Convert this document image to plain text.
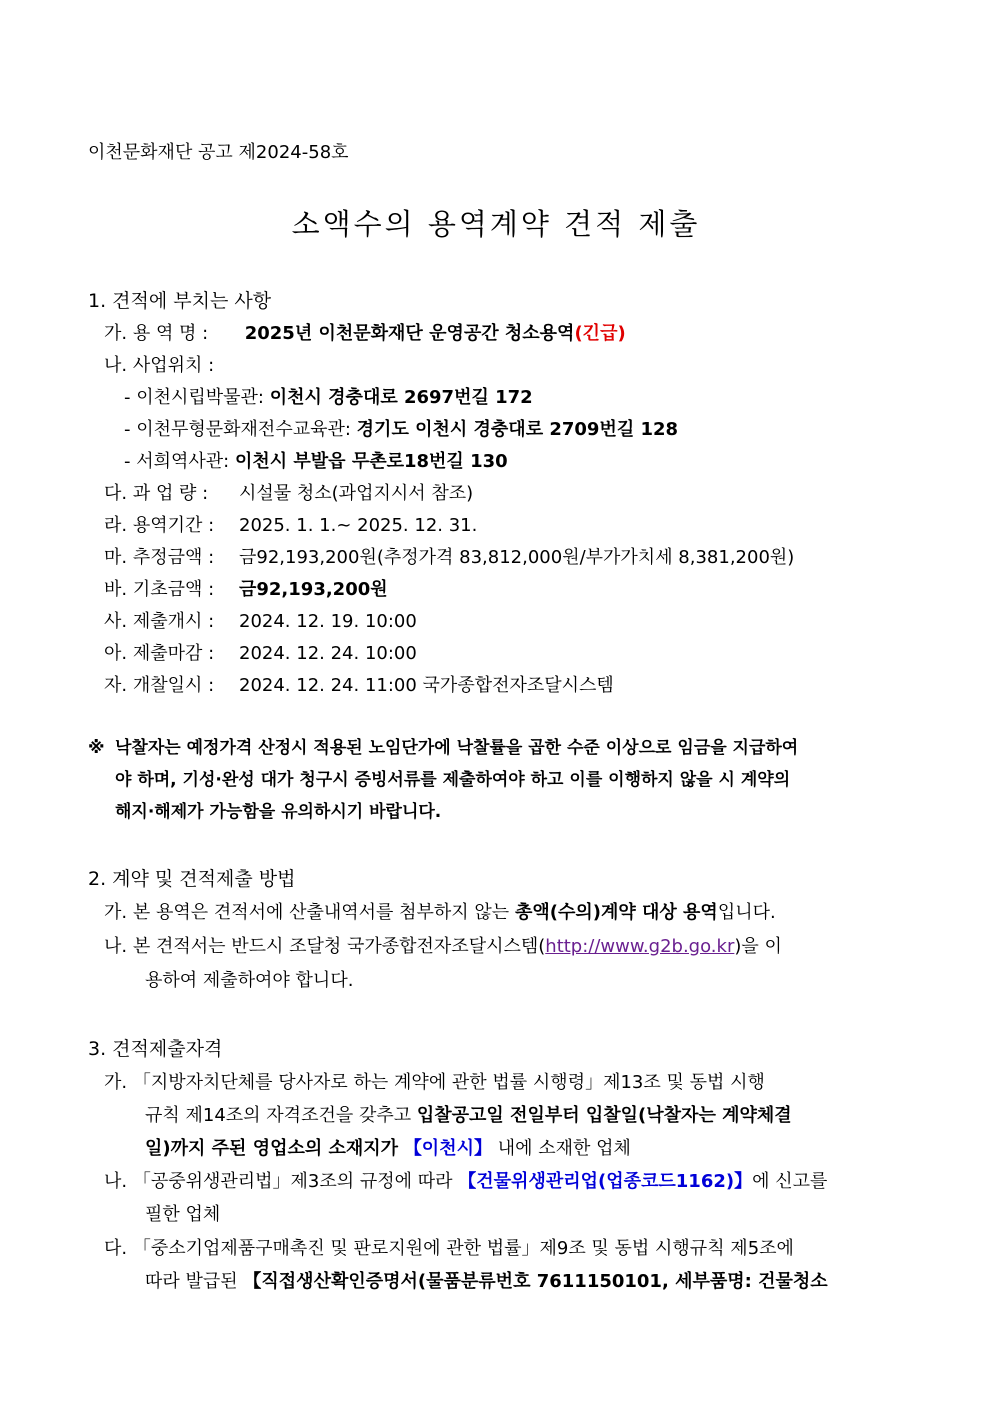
이천문화재단 공고 제2024-58호
소액수의 용역계약 견적 제출
1. 견적에 부치는 사항
가. 용 역 명 : 2025년 이천문화재단 운영공간 청소용역(긴급)
나. 사업위치 :
- 이천시립박물관: 이천시 경충대로 2697번길 172
- 이천무형문화재전수교육관: 경기도 이천시 경충대로 2709번길 128
- 서희역사관: 이천시 부발읍 무촌로18번길 130
다. 과 업 량 : 시설물 청소(과업지시서 참조)
라. 용역기간 : 2025. 1. 1.~ 2025. 12. 31.
마. 추정금액 : 금92,193,200원(추정가격 83,812,000원/부가가치세 8,381,200원)
바. 기초금액 : 금92,193,200원
사. 제출개시 : 2024. 12. 19. 10:00
아. 제출마감 : 2024. 12. 24. 10:00
자. 개찰일시 : 2024. 12. 24. 11:00 국가종합전자조달시스템
※ 낙찰자는 예정가격 산정시 적용된 노임단가에 낙찰률을 곱한 수준 이상으로 임금을 지급하여
야 하며, 기성·완성 대가 청구시 증빙서류를 제출하여야 하고 이를 이행하지 않을 시 계약의
해지·해제가 가능함을 유의하시기 바랍니다.
2. 계약 및 견적제출 방법
가. 본 용역은 견적서에 산출내역서를 첨부하지 않는 총액(수의)계약 대상 용역입니다.
나. 본 견적서는 반드시 조달청 국가종합전자조달시스템(http://www.g2b.go.kr)을 이
용하여 제출하여야 합니다.
3. 견적제출자격
가. 「지방자치단체를 당사자로 하는 계약에 관한 법률 시행령」제13조 및 동법 시행
규칙 제14조의 자격조건을 갖추고 입찰공고일 전일부터 입찰일(낙찰자는 계약체결
일)까지 주된 영업소의 소재지가 【이천시】 내에 소재한 업체
나. 「공중위생관리법」제3조의 규정에 따라 【건물위생관리업(업종코드1162)】에 신고를
필한 업체
다. 「중소기업제품구매촉진 및 판로지원에 관한 법률」제9조 및 동법 시행규칙 제5조에
따라 발급된 【직접생산확인증명서(물품분류번호 7611150101, 세부품명: 건물청소
